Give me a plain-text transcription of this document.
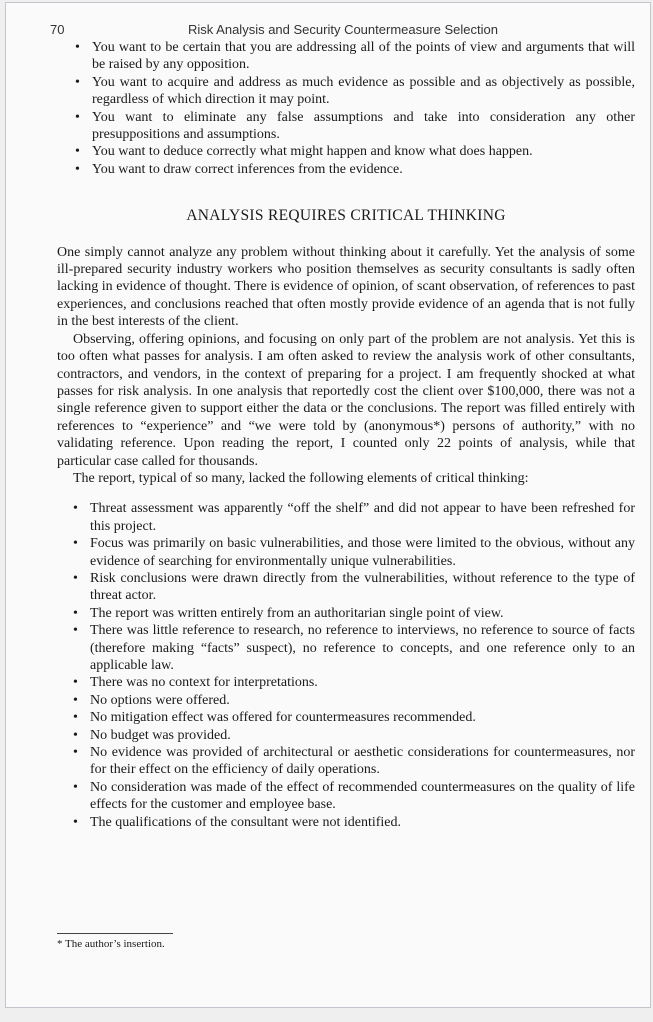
70	Risk Analysis and Security Countermeasure Selection
• You want to be certain that you are addressing all of the points of view and arguments that will be raised by any opposition.
• You want to acquire and address as much evidence as possible and as objectively as possible, regardless of which direction it may point.
• You want to eliminate any false assumptions and take into consideration any other presuppositions and assumptions.
• You want to deduce correctly what might happen and know what does happen.
• You want to draw correct inferences from the evidence.
ANALYSIS REQUIRES CRITICAL THINKING

One simply cannot analyze any problem without thinking about it carefully. Yet the analysis of some ill-prepared security industry workers who position themselves as security consultants is sadly often lacking in evidence of thought. There is evidence of opinion, of scant observation, of references to past experiences, and conclusions reached that often mostly provide evidence of an agenda that is not fully in the best interests of the client.

Observing, offering opinions, and focusing on only part of the problem are not analysis. Yet this is too often what passes for analysis. I am often asked to review the analysis work of other consultants, contractors, and vendors, in the context of preparing for a project. I am frequently shocked at what passes for risk analysis. In one analysis that reportedly cost the client over $100,000, there was not a single reference given to support either the data or the conclusions. The report was filled entirely with references to “experience” and “we were told by (anonymous*) persons of authority,” with no validating reference. Upon reading the report, I counted only 22 points of analysis, while that particular case called for thousands.

The report, typical of so many, lacked the following elements of critical thinking:

• Threat assessment was apparently “off the shelf” and did not appear to have been refreshed for this project.
• Focus was primarily on basic vulnerabilities, and those were limited to the obvious, without any evidence of searching for environmentally unique vulnerabilities.
• Risk conclusions were drawn directly from the vulnerabilities, without reference to the type of threat actor.
• The report was written entirely from an authoritarian single point of view.
• There was little reference to research, no reference to interviews, no reference to source of facts (therefore making “facts” suspect), no reference to concepts, and one reference only to an applicable law.
• There was no context for interpretations.
• No options were offered.
• No mitigation effect was offered for countermeasures recommended.
• No budget was provided.
• No evidence was provided of architectural or aesthetic considerations for countermeasures, nor for their effect on the efficiency of daily operations.
• No consideration was made of the effect of recommended countermeasures on the quality of life effects for the customer and employee base.
• The qualifications of the consultant were not identified.
* The author’s insertion.
